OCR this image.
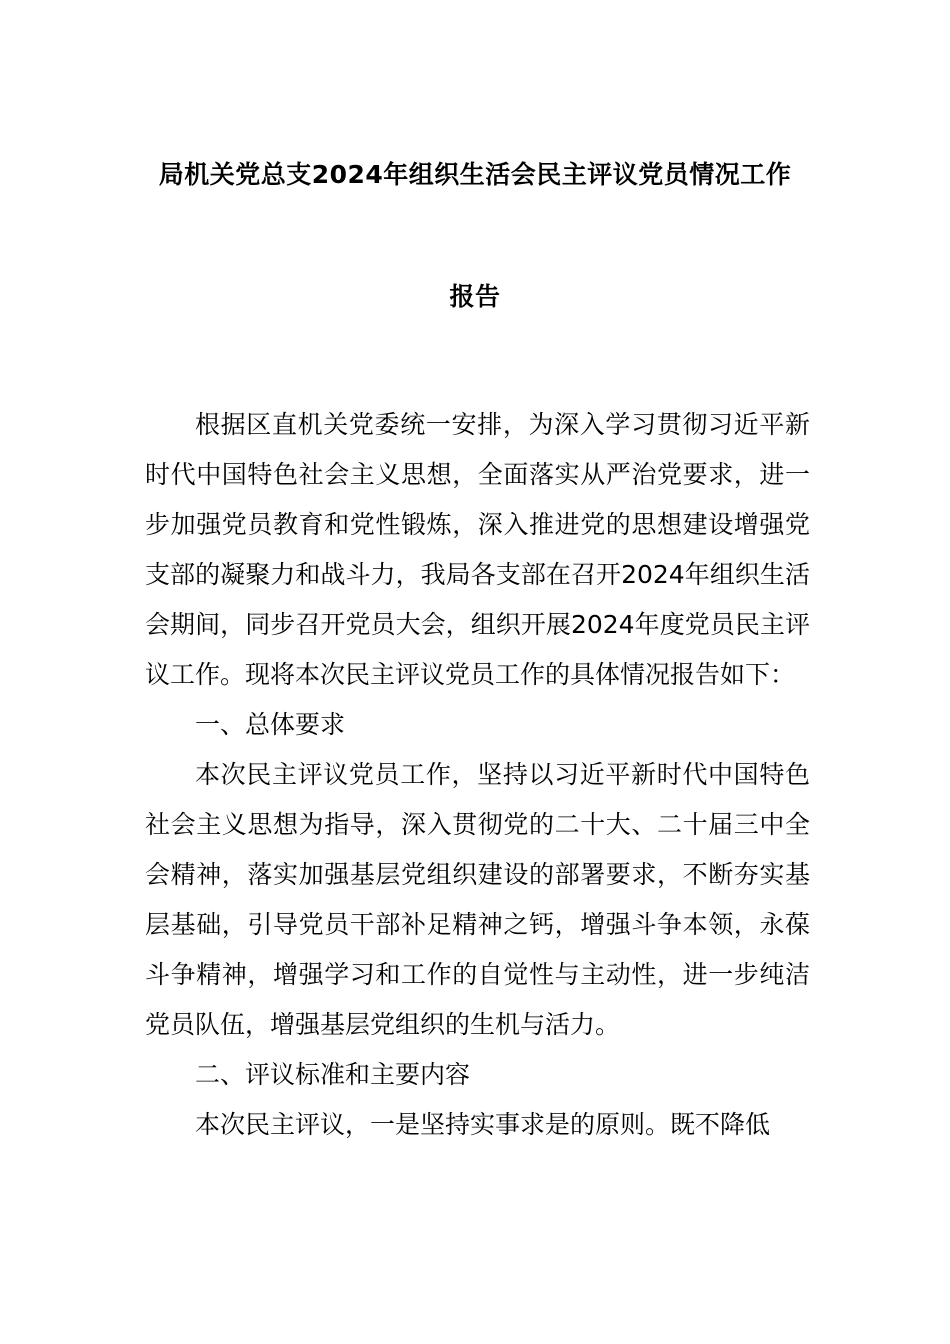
局机关党总支2024年组织生活会民主评议党员情况工作
报告

根据区直机关党委统一安排，为深入学习贯彻习近平新时代中国特色社会主义思想，全面落实从严治党要求，进一步加强党员教育和党性锻炼，深入推进党的思想建设增强党支部的凝聚力和战斗力，我局各支部在召开2024年组织生活会期间，同步召开党员大会，组织开展2024年度党员民主评议工作。现将本次民主评议党员工作的具体情况报告如下：

一、总体要求

本次民主评议党员工作，坚持以习近平新时代中国特色社会主义思想为指导，深入贯彻党的二十大、二十届三中全会精神，落实加强基层党组织建设的部署要求，不断夯实基层基础，引导党员干部补足精神之钙，增强斗争本领，永葆斗争精神，增强学习和工作的自觉性与主动性，进一步纯洁党员队伍，增强基层党组织的生机与活力。

二、评议标准和主要内容

本次民主评议，一是坚持实事求是的原则。既不降低
